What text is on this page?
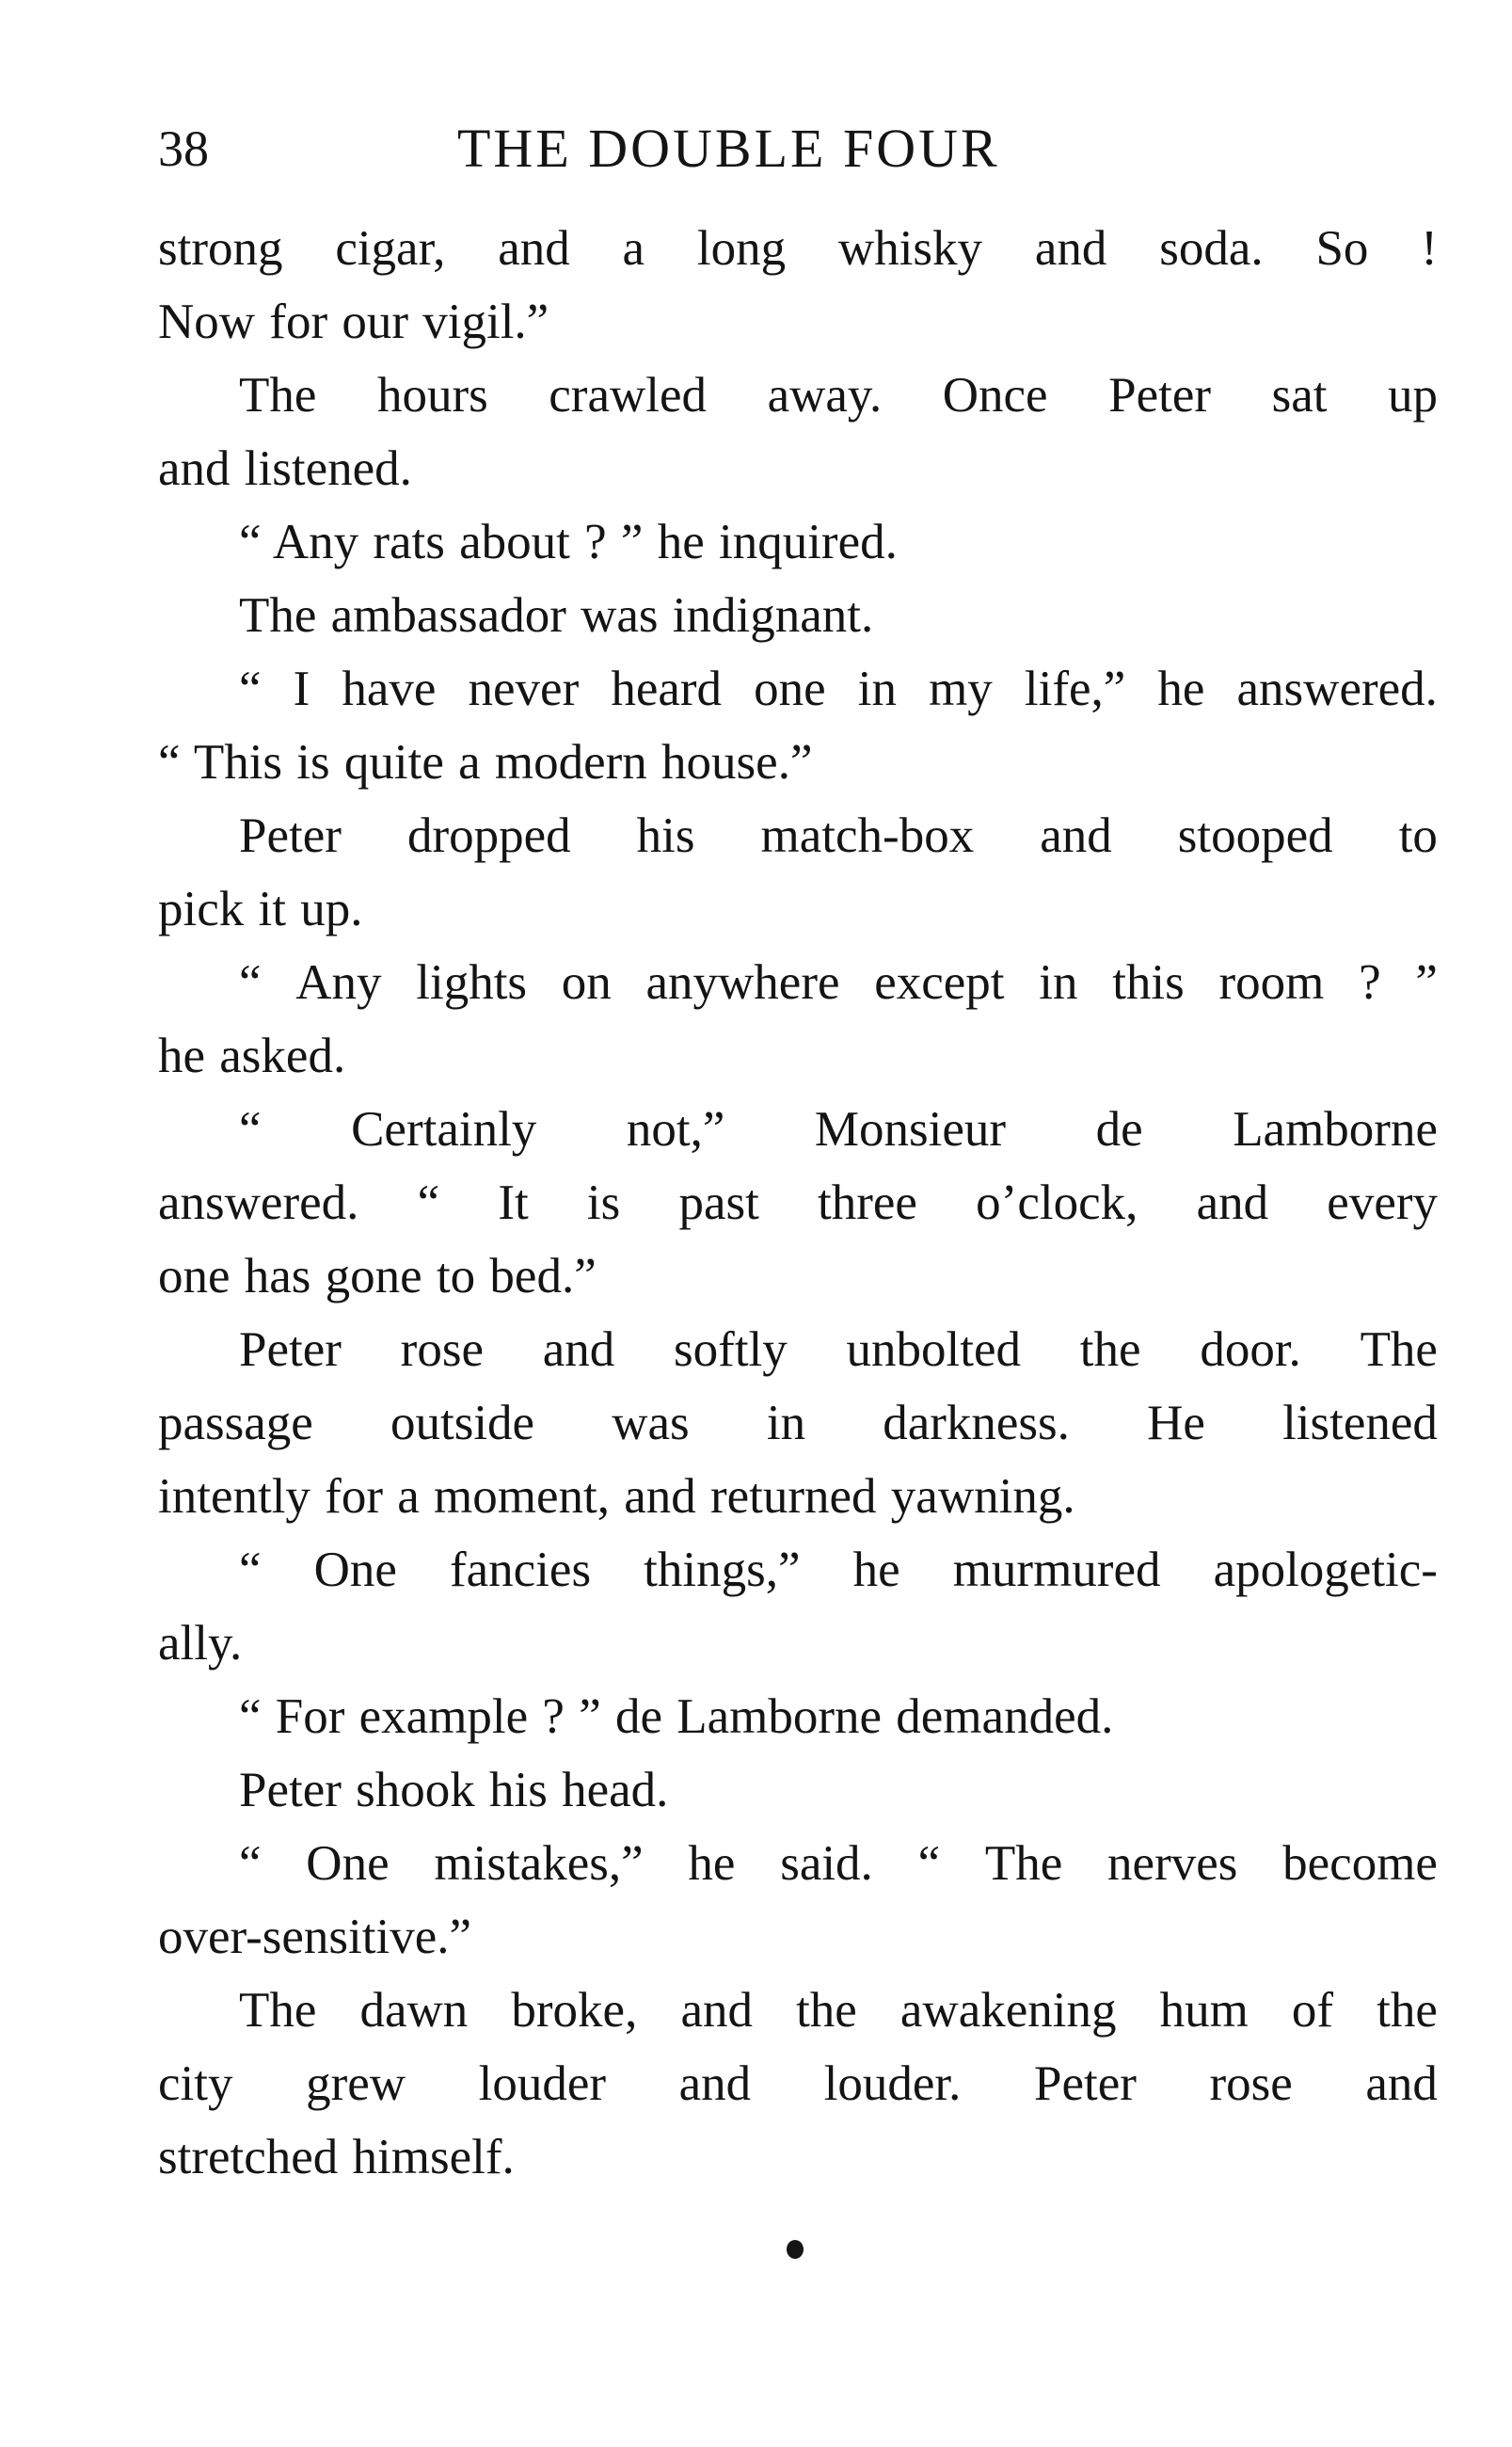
38	THE DOUBLE FOUR
strong cigar, and a long whisky and soda. So !
Now for our vigil.”
The hours crawled away. Once Peter sat up
and listened.
“ Any rats about ? ” he inquired.
The ambassador was indignant.
“ I have never heard one in my life,” he answered.
“ This is quite a modern house.”
Peter dropped his match-box and stooped to
pick it up.
“ Any lights on anywhere except in this room ? ”
he asked.
“ Certainly not,” Monsieur de Lamborne
answered. “ It is past three o’clock, and every
one has gone to bed.”
Peter rose and softly unbolted the door. The
passage outside was in darkness. He listened
intently for a moment, and returned yawning.
“ One fancies things,” he murmured apologetic-
ally.
“ For example ? ” de Lamborne demanded.
Peter shook his head.
“ One mistakes,” he said. “ The nerves become
over-sensitive.”
The dawn broke, and the awakening hum of the
city grew louder and louder. Peter rose and
stretched himself.
